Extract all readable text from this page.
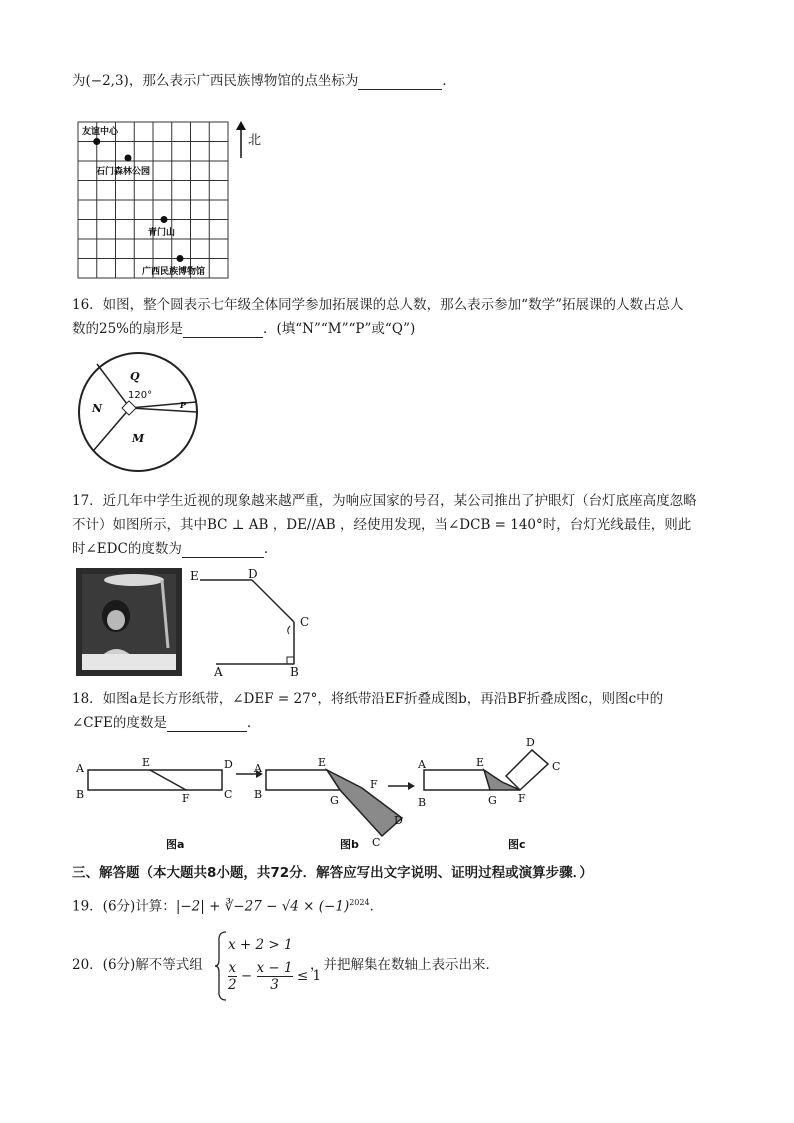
为(−2,3)，那么表示广西民族博物馆的点坐标为	．
友谊中心
石门森林公园
青门山
广西民族博物馆
北
16．如图，整个圆表示七年级全体同学参加拓展课的总人数，那么表示参加“数学”拓展课的人数占总人
数的25%的扇形是	．(填“N”“M”“P”或“Q”)
Q
N
M
P
120°
17．近几年中学生近视的现象越来越严重，为响应国家的号召，某公司推出了护眼灯（台灯底座高度忽略
不计）如图所示，其中BC ⊥ AB ，DE//AB ，经使用发现，当∠DCB = 140°时，台灯光线最佳，则此
时∠EDC的度数为	．
E	D
C
A	B
18．如图a是长方形纸带，∠DEF = 27°，将纸带沿EF折叠成图b，再沿BF折叠成图c，则图c中的
∠CFE的度数是	．
A
B
E
F	C
D A
B
E
G
F
D
C
A
B
E
G F
D
C
图a	图b	图c
三、解答题（本大题共8小题，共72分．解答应写出文字说明、证明过程或演算步骤．）
19．(6分)计算：|−2| + ∛−27 − $√4 \times (-1)^{2024}$．
20．(6分)解不等式组
x + 2 > 1
$\frac{x}{2} - \frac{x - 1}{3} \le 1$
，并把解集在数轴上表示出来．
